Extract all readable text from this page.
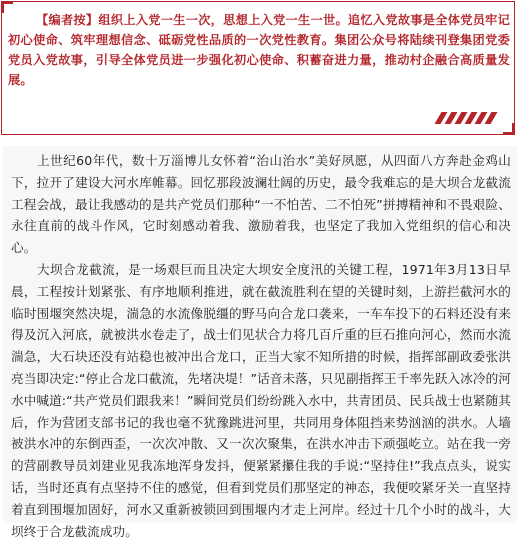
【编者按】组织上入党一生一次，思想上入党一生一世。追忆入党故事是全体党员牢记初心使命、筑牢理想信念、砥砺党性品质的一次党性教育。集团公众号将陆续刊登集团党委党员入党故事，引导全体党员进一步强化初心使命、积蓄奋进力量，推动村企融合高质量发展。

上世纪60年代，数十万淄博儿女怀着“治山治水”美好夙愿，从四面八方奔赴金鸡山下，拉开了建设大河水库帷幕。回忆那段波澜壮阔的历史，最令我难忘的是大坝合龙截流工程会战，最让我感动的是共产党员们那种“一不怕苦、二不怕死”拼搏精神和不畏艰险、永往直前的战斗作风，它时刻感动着我、激励着我，也坚定了我加入党组织的信心和决心。

大坝合龙截流，是一场艰巨而且决定大坝安全度汛的关键工程，1971年3月13日早晨，工程按计划紧张、有序地顺利推进，就在截流胜利在望的关键时刻，上游拦截河水的临时围堰突然决堤，湍急的水流像脱缰的野马向合龙口袭来，一车车投下的石料还没有来得及沉入河底，就被洪水卷走了，战士们见状合力将几百斤重的巨石推向河心，然而水流湍急，大石块还没有站稳也被冲出合龙口，正当大家不知所措的时候，指挥部副政委张洪亮当即决定:“停止合龙口截流，先堵决堤！”话音未落，只见副指挥王千率先跃入冰冷的河水中喊道:“共产党员们跟我来！”瞬间党员们纷纷跳入水中，共青团员、民兵战士也紧随其后，作为营团支部书记的我也毫不犹豫跳进河里，共同用身体阻挡来势汹汹的洪水。人墙被洪水冲的东倒西歪，一次次冲散、又一次次聚集，在洪水冲击下顽强屹立。站在我一旁的营副教导员刘建业见我冻地浑身发抖，便紧紧攥住我的手说:“坚持住!”我点点头，说实话，当时还真有点坚持不住的感觉，但看到党员们那坚定的神态，我便咬紧牙关一直坚持着直到围堰加固好，河水又重新被锁回到围堰内才走上河岸。经过十几个小时的战斗，大坝终于合龙截流成功。
